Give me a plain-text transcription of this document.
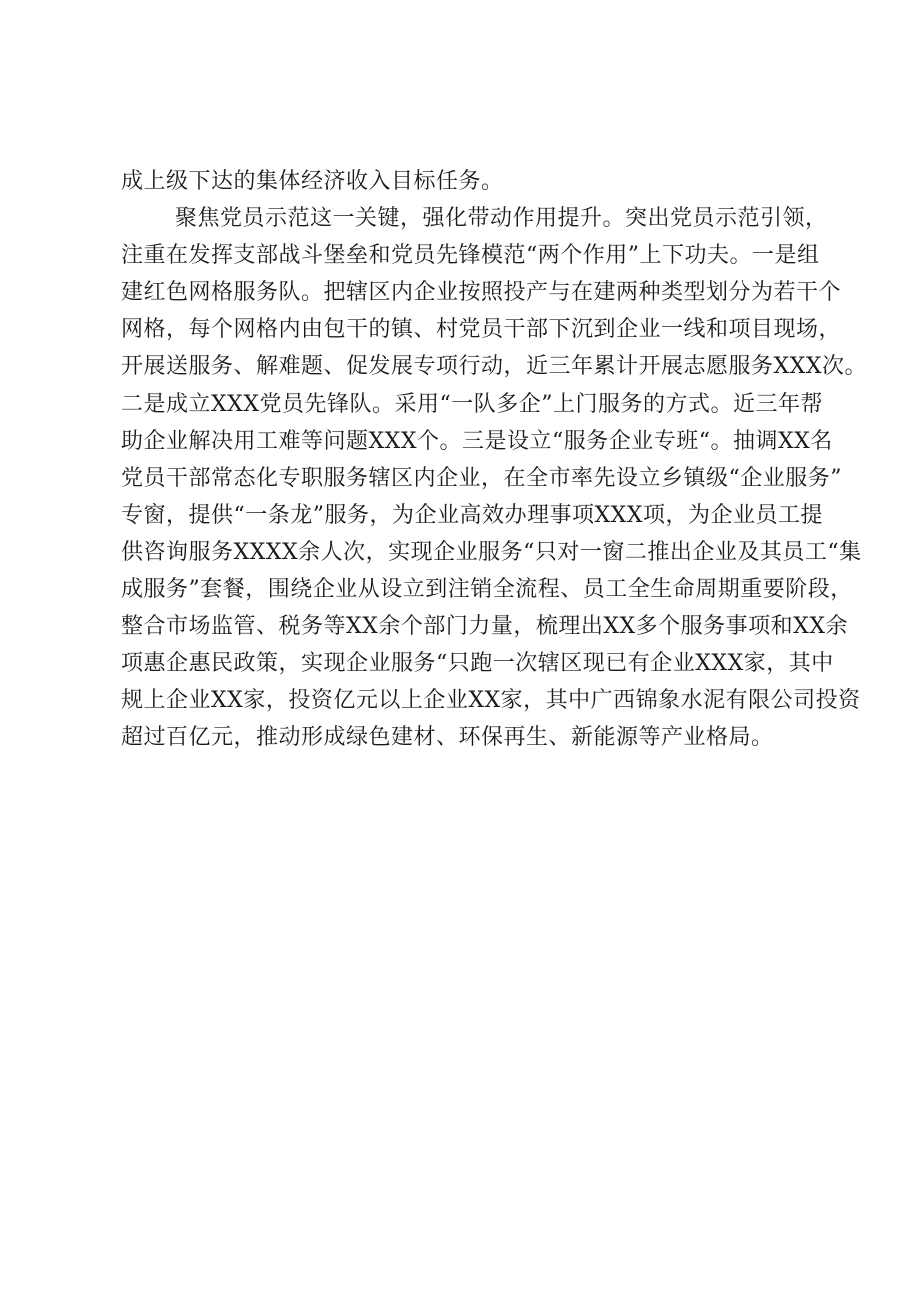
成上级下达的集体经济收入目标任务。
聚焦党员示范这一关键，强化带动作用提升。突出党员示范引领，
注重在发挥支部战斗堡垒和党员先锋模范“两个作用”上下功夫。一是组
建红色网格服务队。把辖区内企业按照投产与在建两种类型划分为若干个
网格，每个网格内由包干的镇、村党员干部下沉到企业一线和项目现场，
开展送服务、解难题、促发展专项行动，近三年累计开展志愿服务XXX次。
二是成立XXX党员先锋队。采用“一队多企”上门服务的方式。近三年帮
助企业解决用工难等问题XXX个。三是设立“服务企业专班“。抽调XX名
党员干部常态化专职服务辖区内企业，在全市率先设立乡镇级“企业服务”
专窗，提供“一条龙”服务，为企业高效办理事项XXX项，为企业员工提
供咨询服务XXXX余人次，实现企业服务“只对一窗二推出企业及其员工“集
成服务”套餐，围绕企业从设立到注销全流程、员工全生命周期重要阶段，
整合市场监管、税务等XX余个部门力量，梳理出XX多个服务事项和XX余
项惠企惠民政策，实现企业服务“只跑一次辖区现已有企业XXX家，其中
规上企业XX家，投资亿元以上企业XX家，其中广西锦象水泥有限公司投资
超过百亿元，推动形成绿色建材、环保再生、新能源等产业格局。
